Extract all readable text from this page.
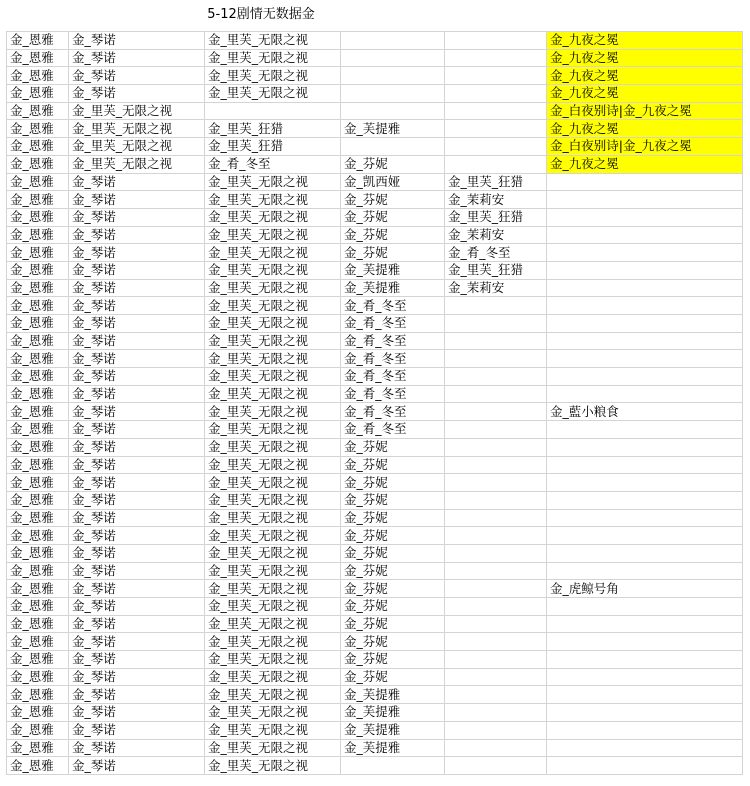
5-12剧情无数据金
金_恩雅	金_琴诺	金_里芙_无限之视			金_九夜之冕
金_恩雅	金_琴诺	金_里芙_无限之视			金_九夜之冕
金_恩雅	金_琴诺	金_里芙_无限之视			金_九夜之冕
金_恩雅	金_琴诺	金_里芙_无限之视			金_九夜之冕
金_恩雅	金_里芙_无限之视				金_白夜别诗|金_九夜之冕
金_恩雅	金_里芙_无限之视	金_里芙_狂猎	金_芙提雅		金_九夜之冕
金_恩雅	金_里芙_无限之视	金_里芙_狂猎			金_白夜别诗|金_九夜之冕
金_恩雅	金_里芙_无限之视	金_肴_冬至	金_芬妮		金_九夜之冕
金_恩雅	金_琴诺	金_里芙_无限之视	金_凯西娅	金_里芙_狂猎	
金_恩雅	金_琴诺	金_里芙_无限之视	金_芬妮	金_茉莉安	
金_恩雅	金_琴诺	金_里芙_无限之视	金_芬妮	金_里芙_狂猎	
金_恩雅	金_琴诺	金_里芙_无限之视	金_芬妮	金_茉莉安	
金_恩雅	金_琴诺	金_里芙_无限之视	金_芬妮	金_肴_冬至	
金_恩雅	金_琴诺	金_里芙_无限之视	金_芙提雅	金_里芙_狂猎	
金_恩雅	金_琴诺	金_里芙_无限之视	金_芙提雅	金_茉莉安	
金_恩雅	金_琴诺	金_里芙_无限之视	金_肴_冬至		
金_恩雅	金_琴诺	金_里芙_无限之视	金_肴_冬至		
金_恩雅	金_琴诺	金_里芙_无限之视	金_肴_冬至		
金_恩雅	金_琴诺	金_里芙_无限之视	金_肴_冬至		
金_恩雅	金_琴诺	金_里芙_无限之视	金_肴_冬至		
金_恩雅	金_琴诺	金_里芙_无限之视	金_肴_冬至		
金_恩雅	金_琴诺	金_里芙_无限之视	金_肴_冬至		金_藍小粮食
金_恩雅	金_琴诺	金_里芙_无限之视	金_肴_冬至		
金_恩雅	金_琴诺	金_里芙_无限之视	金_芬妮		
金_恩雅	金_琴诺	金_里芙_无限之视	金_芬妮		
金_恩雅	金_琴诺	金_里芙_无限之视	金_芬妮		
金_恩雅	金_琴诺	金_里芙_无限之视	金_芬妮		
金_恩雅	金_琴诺	金_里芙_无限之视	金_芬妮		
金_恩雅	金_琴诺	金_里芙_无限之视	金_芬妮		
金_恩雅	金_琴诺	金_里芙_无限之视	金_芬妮		
金_恩雅	金_琴诺	金_里芙_无限之视	金_芬妮		
金_恩雅	金_琴诺	金_里芙_无限之视	金_芬妮		金_虎鲸号角
金_恩雅	金_琴诺	金_里芙_无限之视	金_芬妮		
金_恩雅	金_琴诺	金_里芙_无限之视	金_芬妮		
金_恩雅	金_琴诺	金_里芙_无限之视	金_芬妮		
金_恩雅	金_琴诺	金_里芙_无限之视	金_芬妮		
金_恩雅	金_琴诺	金_里芙_无限之视	金_芬妮		
金_恩雅	金_琴诺	金_里芙_无限之视	金_芙提雅		
金_恩雅	金_琴诺	金_里芙_无限之视	金_芙提雅		
金_恩雅	金_琴诺	金_里芙_无限之视	金_芙提雅		
金_恩雅	金_琴诺	金_里芙_无限之视	金_芙提雅		
金_恩雅	金_琴诺	金_里芙_无限之视			
